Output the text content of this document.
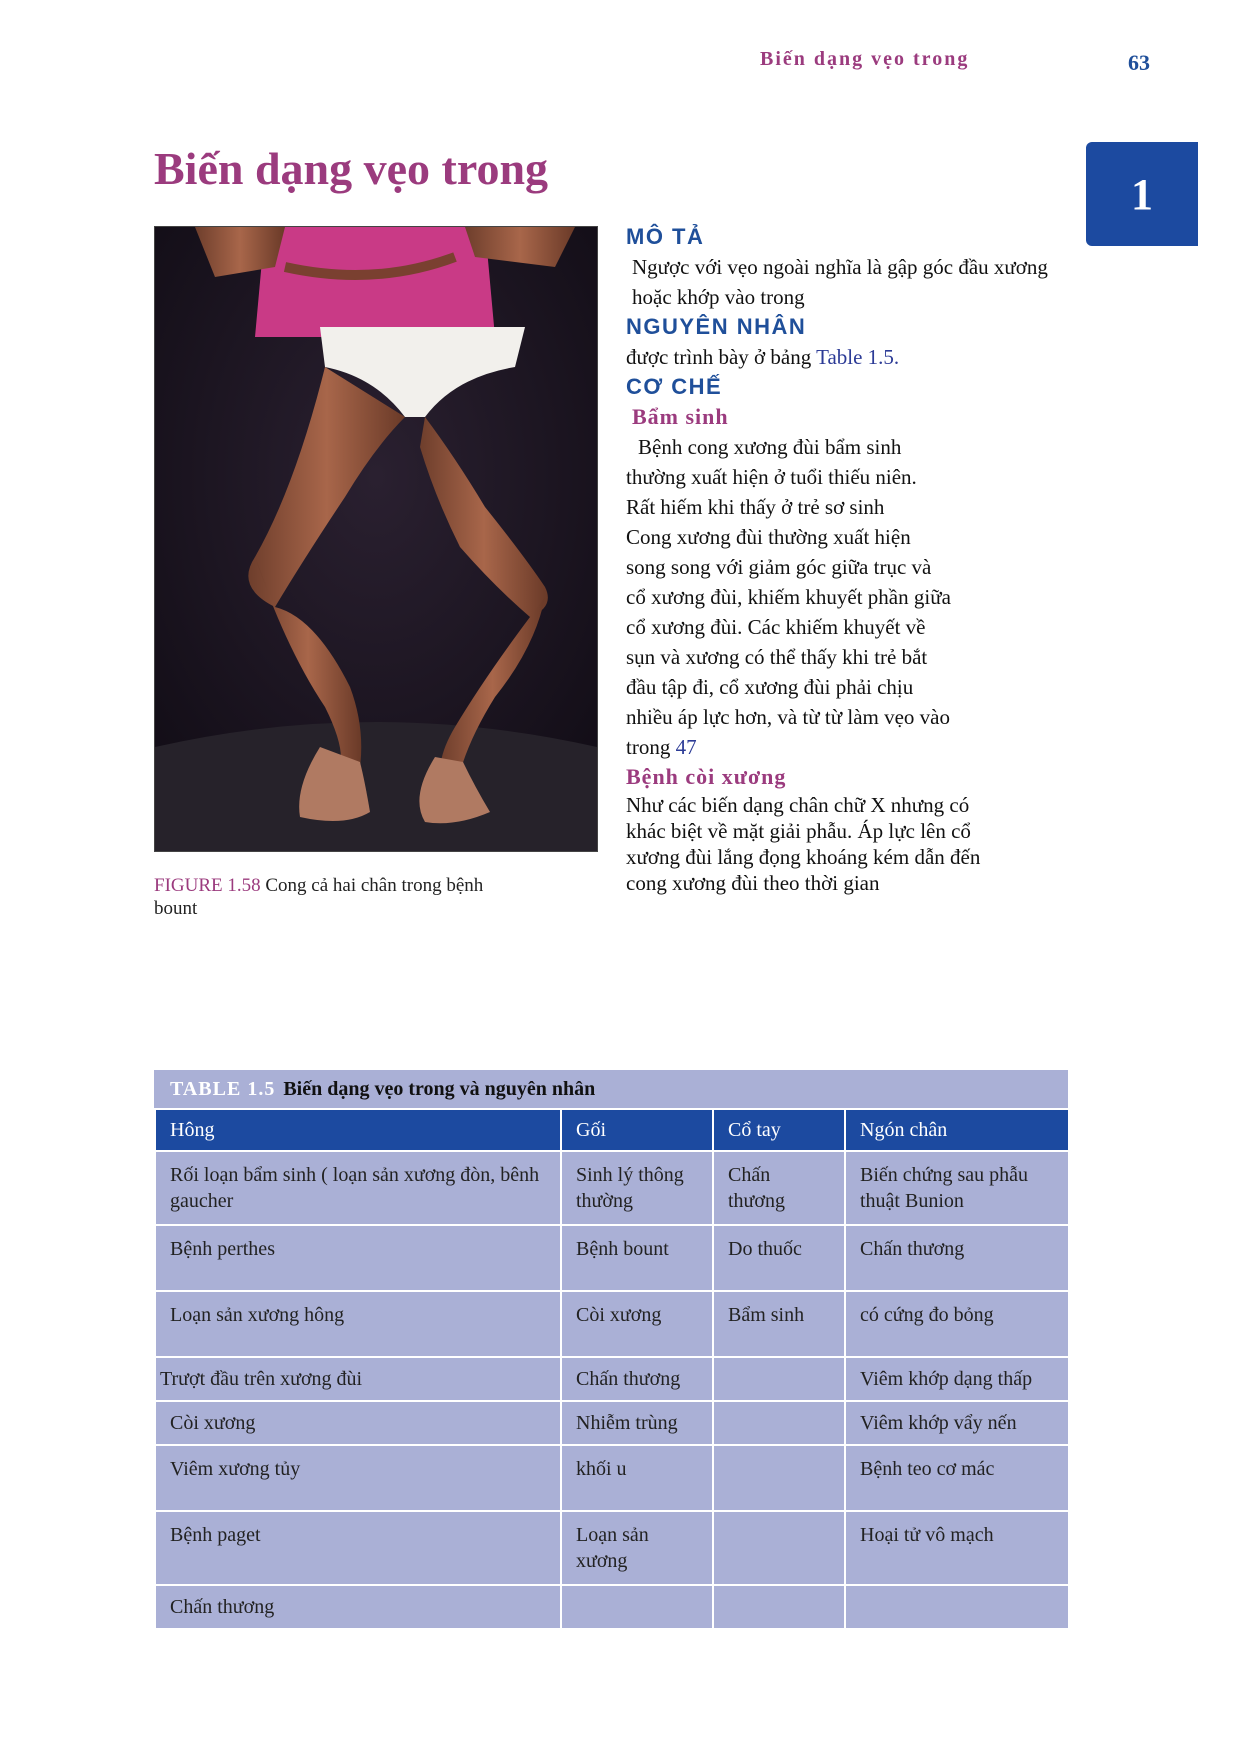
Biến dạng vẹo trong	63
1
Biến dạng vẹo trong
FIGURE 1.58 Cong cả hai chân trong bệnh bount
MÔ TẢ

Ngược với vẹo ngoài nghĩa là gập góc đầu xương hoặc khớp vào trong

NGUYÊN NHÂN

được trình bày ở bảng Table 1.5.

CƠ CHẾ
Bẩm sinh
Bệnh cong xương đùi bẩm sinh
thường xuất hiện ở tuổi thiếu niên.
Rất hiếm khi thấy ở trẻ sơ sinh
Cong xương đùi thường xuất hiện
song song với giảm góc giữa trục và
cổ xương đùi, khiếm khuyết phần giữa
cổ xương đùi. Các khiếm khuyết về
sụn và xương có thể thấy khi trẻ bắt
đầu tập đi, cổ xương đùi phải chịu
nhiều áp lực hơn, và từ từ làm vẹo vào
trong 47
Bệnh còi xương
Như các biến dạng chân chữ X nhưng có
khác biệt về mặt giải phẫu. Áp lực lên cổ
xương đùi lắng đọng khoáng kém dẫn đến
cong xương đùi theo thời gian
TABLE 1.5 Biến dạng vẹo trong và nguyên nhân
Hông	Gối	Cổ tay	Ngón chân
Rối loạn bẩm sinh ( loạn sản xương đòn, bênh gaucher	Sinh lý thông thường	Chấn thương	Biến chứng sau phẫu thuật Bunion
Bệnh perthes	Bệnh bount	Do thuốc	Chấn thương
Loạn sản xương hông	Còi xương	Bẩm sinh	có cứng đo bỏng
Trượt đầu trên xương đùi	Chấn thương		Viêm khớp dạng thấp
Còi xương	Nhiễm trùng		Viêm khớp vẩy nến
Viêm xương tủy	khối u		Bệnh teo cơ mác
Bệnh paget	Loạn sản xương		Hoại tử vô mạch
Chấn thương			
